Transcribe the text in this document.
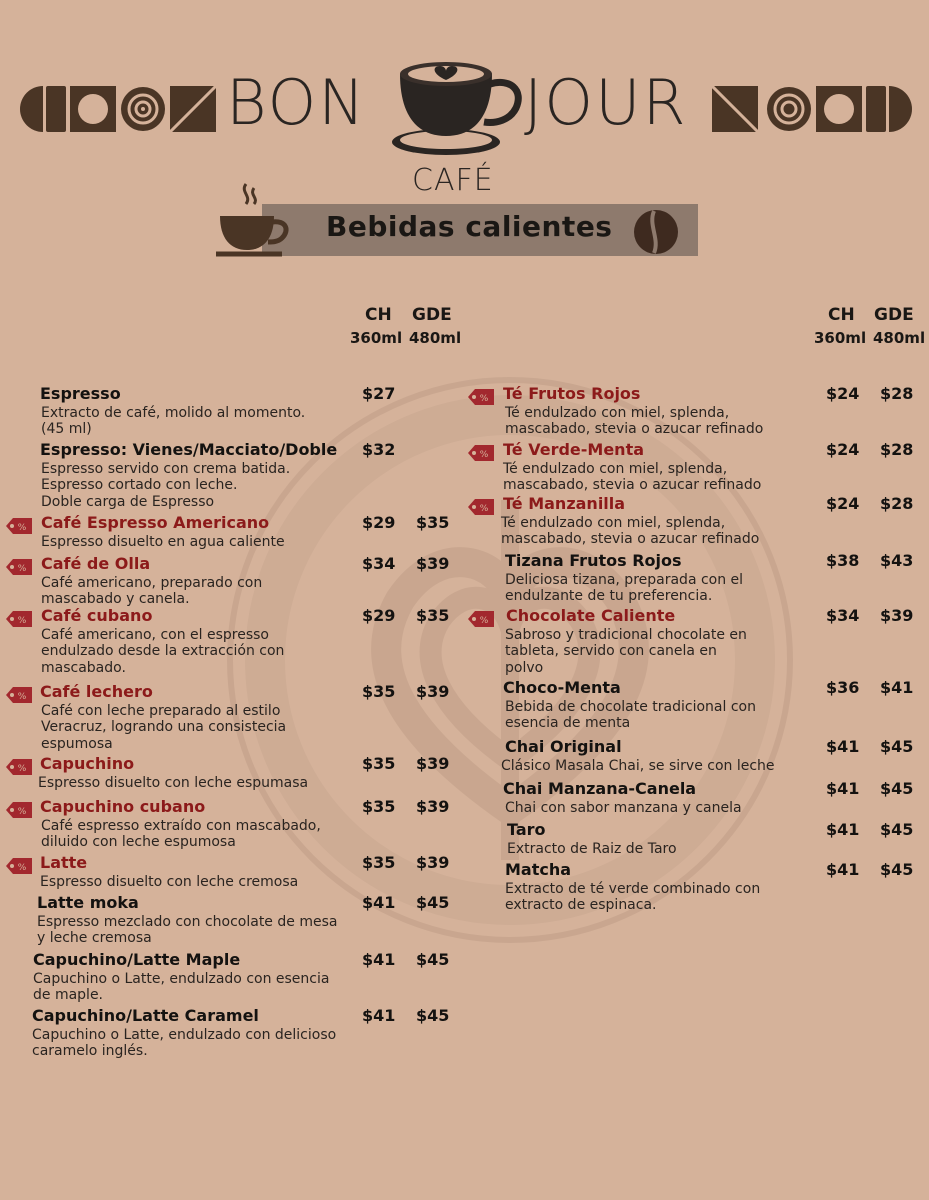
BON	JOUR
CAFÉ
Bebidas calientes
CH GDE
360ml 480ml
CH GDE
360ml 480ml
Espresso
Extracto de café, molido al momento.
(45 ml)
$27
Espresso: Vienes/Macciato/Doble
Espresso servido con crema batida.
Espresso cortado con leche.
Doble carga de Espresso
$32
% Café Espresso Americano
Espresso disuelto en agua caliente
$29 $35
% Café de Olla
Café americano, preparado con
mascabado y canela.
$34 $39
% Café cubano
Café americano, con el espresso
endulzado desde la extracción con
mascabado.
$29 $35
% Café lechero
Café con leche preparado al estilo
Veracruz, logrando una consistecia
espumosa
$35 $39
% Capuchino
Espresso disuelto con leche espumasa
$35 $39
% Capuchino cubano
Café espresso extraído con mascabado,
diluido con leche espumosa
$35 $39
% Latte
Espresso disuelto con leche cremosa
$35 $39
Latte moka
Espresso mezclado con chocolate de mesa
y leche cremosa
$41 $45
Capuchino/Latte Maple
Capuchino o Latte, endulzado con esencia
de maple.
$41 $45
Capuchino/Latte Caramel
Capuchino o Latte, endulzado con delicioso
caramelo inglés.
$41 $45
% Té Frutos Rojos
Té endulzado con miel, splenda,
mascabado, stevia o azucar refinado
$24 $28
% Té Verde-Menta
Té endulzado con miel, splenda,
mascabado, stevia o azucar refinado
$24 $28
% Té Manzanilla
Té endulzado con miel, splenda,
mascabado, stevia o azucar refinado
$24 $28
Tizana Frutos Rojos
Deliciosa tizana, preparada con el
endulzante de tu preferencia.
$38 $43
% Chocolate Caliente
Sabroso y tradicional chocolate en
tableta, servido con canela en
polvo
$34 $39
Choco-Menta
Bebida de chocolate tradicional con
esencia de menta
$36 $41
Chai Original
Clásico Masala Chai, se sirve con leche
$41 $45
Chai Manzana-Canela
Chai con sabor manzana y canela
$41 $45
Taro
Extracto de Raiz de Taro
$41 $45
Matcha
Extracto de té verde combinado con
extracto de espinaca.
$41 $45
